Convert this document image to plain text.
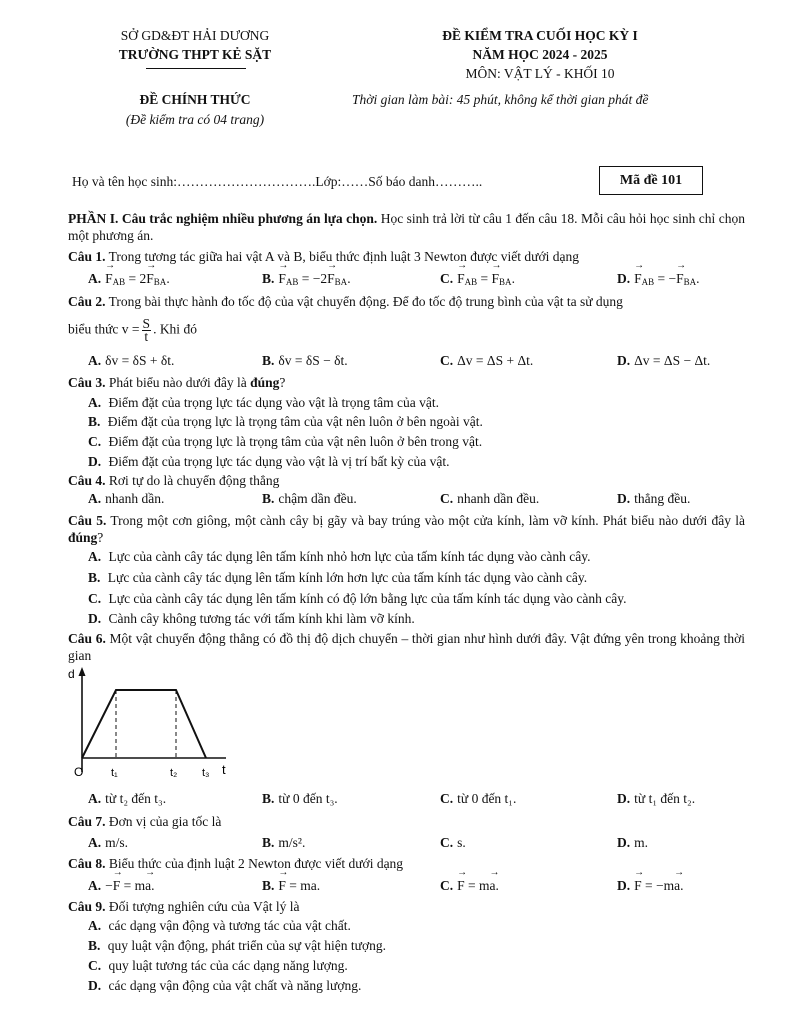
SỞ GD&ĐT HẢI DƯƠNG
TRƯỜNG THPT KẺ SẶT
ĐỀ CHÍNH THỨC
(Đề kiểm tra có 04 trang)
ĐỀ KIỂM TRA CUỐI HỌC KỲ I
NĂM HỌC 2024 - 2025
MÔN: VẬT LÝ - KHỐI 10
Thời gian làm bài: 45 phút, không kể thời gian phát đề
Họ và tên học sinh:………………………….Lớp:……Số báo danh………..	Mã đề 101
PHẦN I. Câu trắc nghiệm nhiều phương án lựa chọn. Học sinh trả lời từ câu 1 đến câu 18. Mỗi câu hỏi học sinh chỉ chọn một phương án.
Câu 1. Trong tương tác giữa hai vật A và B, biểu thức định luật 3 Newton được viết dưới dạng
$A.\to F_{AB} = 2\to F_{BA}$.	$B.\to F_{AB} = -2\to F_{BA}$.	$C.\to F_{AB}$ = → $F_{BA}$.	$D.\to F_{AB}$ = −→ $F_{BA}$.
Câu 2. Trong bài thực hành đo tốc độ của vật chuyển động. Để đo tốc độ trung bình của vật ta sử dụng
biểu thức $v = \frac{S}{t}$ . Khi đó
A. δv = δS + δt.	B. δv = δS − δt.	C. Δv = ΔS + Δt.	D. Δv = ΔS − Δt.
Câu 3. Phát biểu nào dưới đây là đúng?
A. Điểm đặt của trọng lực tác dụng vào vật là trọng tâm của vật.
B. Điểm đặt của trọng lực là trọng tâm của vật nên luôn ở bên ngoài vật.
C. Điểm đặt của trọng lực là trọng tâm của vật nên luôn ở bên trong vật.
D. Điểm đặt của trọng lực tác dụng vào vật là vị trí bất kỳ của vật.
Câu 4. Rơi tự do là chuyển động thẳng
A. nhanh dần.	B. chậm dần đều.	C. nhanh dần đều.	D. thẳng đều.
Câu 5. Trong một cơn giông, một cành cây bị gãy và bay trúng vào một cửa kính, làm vỡ kính. Phát biểu nào dưới đây là đúng?
A. Lực của cành cây tác dụng lên tấm kính nhỏ hơn lực của tấm kính tác dụng vào cành cây.
B. Lực của cành cây tác dụng lên tấm kính lớn hơn lực của tấm kính tác dụng vào cành cây.
C. Lực của cành cây tác dụng lên tấm kính có độ lớn bằng lực của tấm kính tác dụng vào cành cây.
D. Cành cây không tương tác với tấm kính khi làm vỡ kính.
Câu 6. Một vật chuyển động thẳng có đồ thị độ dịch chuyển – thời gian như hình dưới đây. Vật đứng yên trong khoảng thời gian
d
O	t₁	t₂ t₃ t
A. từ t₂ đến t₃.	B. từ 0 đến t₃.	C. từ 0 đến t₁.	D. từ t₁ đến t₂.
Câu 7. Đơn vị của gia tốc là
A. m/s.	B. m/s².	C. s.	D. m.
Câu 8. Biểu thức của định luật 2 Newton được viết dưới dạng
A. −→ F = m→ a.	B.→ F = ma.	C.→ F = m→ a.	D.→ F = −m→ a.
Câu 9. Đối tượng nghiên cứu của Vật lý là
A. các dạng vận động và tương tác của vật chất.
B. quy luật vận động, phát triển của sự vật hiện tượng.
C. quy luật tương tác của các dạng năng lượng.
D. các dạng vận động của vật chất và năng lượng.
